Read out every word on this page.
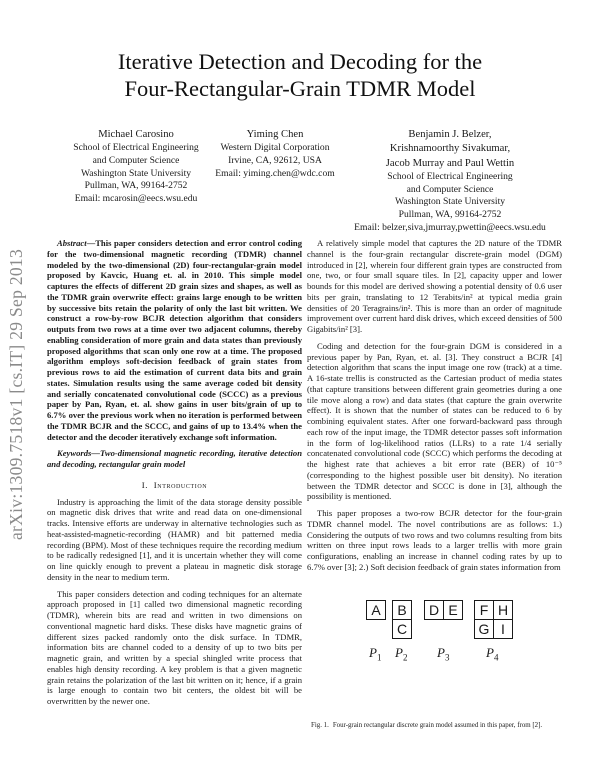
arXiv:1309.7518v1 [cs.IT] 29 Sep 2013
Iterative Detection and Decoding for the
Four-Rectangular-Grain TDMR Model
Michael Carosino
School of Electrical Engineering
and Computer Science
Washington State University
Pullman, WA, 99164-2752
Email: mcarosin@eecs.wsu.edu
Yiming Chen
Western Digital Corporation
Irvine, CA, 92612, USA
Email: yiming.chen@wdc.com
Benjamin J. Belzer,
Krishnamoorthy Sivakumar,
Jacob Murray and Paul Wettin
School of Electrical Engineering
and Computer Science
Washington State University
Pullman, WA, 99164-2752
Email: belzer,siva,jmurray,pwettin@eecs.wsu.edu

Abstract—This paper considers detection and error control coding for the two-dimensional magnetic recording (TDMR) channel modeled by the two-dimensional (2D) four-rectangular-grain model proposed by Kavcic, Huang et. al. in 2010. This simple model captures the effects of different 2D grain sizes and shapes, as well as the TDMR grain overwrite effect: grains large enough to be written by successive bits retain the polarity of only the last bit written. We construct a row-by-row BCJR detection algorithm that considers outputs from two rows at a time over two adjacent columns, thereby enabling consideration of more grain and data states than previously proposed algorithms that scan only one row at a time. The proposed algorithm employs soft-decision feedback of grain states from previous rows to aid the estimation of current data bits and grain states. Simulation results using the same average coded bit density and serially concatenated convolutional code (SCCC) as a previous paper by Pan, Ryan, et. al. show gains in user bits/grain of up to 6.7% over the previous work when no iteration is performed between the TDMR BCJR and the SCCC, and gains of up to 13.4% when the detector and the decoder iteratively exchange soft information.

Keywords—Two-dimensional magnetic recording, iterative detection and decoding, rectangular grain model

I. Introduction

Industry is approaching the limit of the data storage density possible on magnetic disk drives that write and read data on one-dimensional tracks. Intensive efforts are underway in alternative technologies such as heat-assisted-magnetic-recording (HAMR) and bit patterned media recording (BPM). Most of these techniques require the recording medium to be radically redesigned [1], and it is uncertain whether they will come on line quickly enough to prevent a plateau in magnetic disk storage density in the near to medium term.

This paper considers detection and coding techniques for an alternate approach proposed in [1] called two dimensional magnetic recording (TDMR), wherein bits are read and written in two dimensions on conventional magnetic hard disks. These disks have magnetic grains of different sizes packed randomly onto the disk surface. In TDMR, information bits are channel coded to a density of up to two bits per magnetic grain, and written by a special shingled write process that enables high density recording. A key problem is that a given magnetic grain retains the polarization of the last bit written on it; hence, if a grain is large enough to contain two bit centers, the oldest bit will be overwritten by the newer one.

A relatively simple model that captures the 2D nature of the TDMR channel is the four-grain rectangular discrete-grain model (DGM) introduced in [2], wherein four different grain types are constructed from one, two, or four small square tiles. In [2], capacity upper and lower bounds for this model are derived showing a potential density of 0.6 user bits per grain, translating to 12 Terabits/in² at typical media grain densities of 20 Teragrains/in². This is more than an order of magnitude improvement over current hard disk drives, which exceed densities of 500 Gigabits/in² [3].

Coding and detection for the four-grain DGM is considered in a previous paper by Pan, Ryan, et. al. [3]. They construct a BCJR [4] detection algorithm that scans the input image one row (track) at a time. A 16-state trellis is constructed as the Cartesian product of media states (that capture transitions between different grain geometries during a one tile move along a row) and data states (that capture the grain overwrite effect). It is shown that the number of states can be reduced to 6 by combining equivalent states. After one forward-backward pass through each row of the input image, the TDMR detector passes soft information in the form of log-likelihood ratios (LLRs) to a rate 1/4 serially concatenated convolutional code (SCCC) which performs the decoding at the highest rate that achieves a bit error rate (BER) of 10⁻⁵ (corresponding to the highest possible user bit density). No iteration between the TDMR detector and SCCC is done in [3], although the possibility is mentioned.

This paper proposes a two-row BCJR detector for the four-grain TDMR channel model. The novel contributions are as follows: 1.) Considering the outputs of two rows and two columns resulting from bits written on three input rows leads to a larger trellis with more grain configurations, enabling an increase in channel coding rates by up to 6.7% over [3]; 2.) Soft decision feedback of grain states information from

A	B
C
D E	F H
G I
$P_1$ $P_2$ $P_3$	$P_4$
Fig. 1. Four-grain rectangular discrete grain model assumed in this paper, from [2].
